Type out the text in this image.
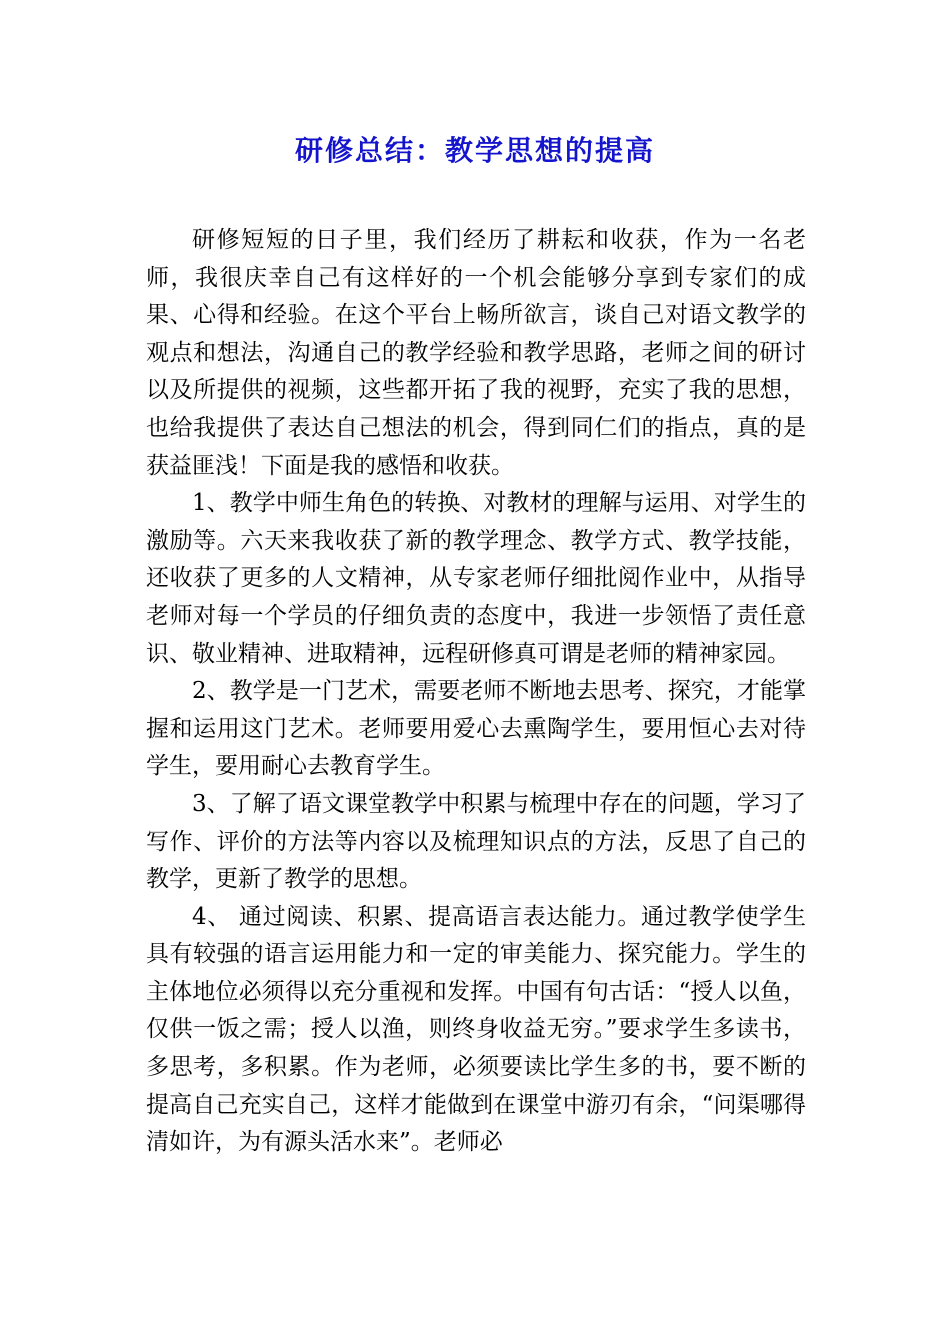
研修总结：教学思想的提高

研修短短的日子里，我们经历了耕耘和收获，作为一名老师，我很庆幸自己有这样好的一个机会能够分享到专家们的成果、心得和经验。在这个平台上畅所欲言，谈自己对语文教学的观点和想法，沟通自己的教学经验和教学思路，老师之间的研讨以及所提供的视频，这些都开拓了我的视野，充实了我的思想，也给我提供了表达自己想法的机会，得到同仁们的指点，真的是获益匪浅！下面是我的感悟和收获。

1、教学中师生角色的转换、对教材的理解与运用、对学生的激励等。六天来我收获了新的教学理念、教学方式、教学技能，还收获了更多的人文精神，从专家老师仔细批阅作业中，从指导老师对每一个学员的仔细负责的态度中，我进一步领悟了责任意识、敬业精神、进取精神，远程研修真可谓是老师的精神家园。

2、教学是一门艺术，需要老师不断地去思考、探究，才能掌握和运用这门艺术。老师要用爱心去熏陶学生，要用恒心去对待学生，要用耐心去教育学生。

3、了解了语文课堂教学中积累与梳理中存在的问题，学习了写作、评价的方法等内容以及梳理知识点的方法，反思了自己的教学，更新了教学的思想。

4、 通过阅读、积累、提高语言表达能力。通过教学使学生具有较强的语言运用能力和一定的审美能力、探究能力。学生的主体地位必须得以充分重视和发挥。中国有句古话：“授人以鱼，仅供一饭之需；授人以渔，则终身收益无穷。”要求学生多读书，多思考，多积累。作为老师，必须要读比学生多的书，要不断的提高自己充实自己，这样才能做到在课堂中游刃有余，“问渠哪得清如许，为有源头活水来”。老师必
